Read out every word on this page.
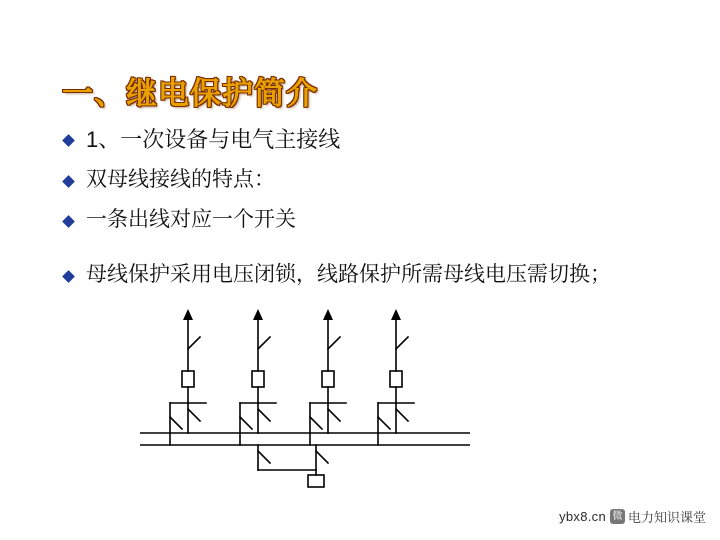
一、继电保护简介
1、一次设备与电气主接线
双母线接线的特点：
一条出线对应一个开关
母线保护采用电压闭锁，线路保护所需母线电压需切换；
ybx8.cn 微 电力知识课堂
